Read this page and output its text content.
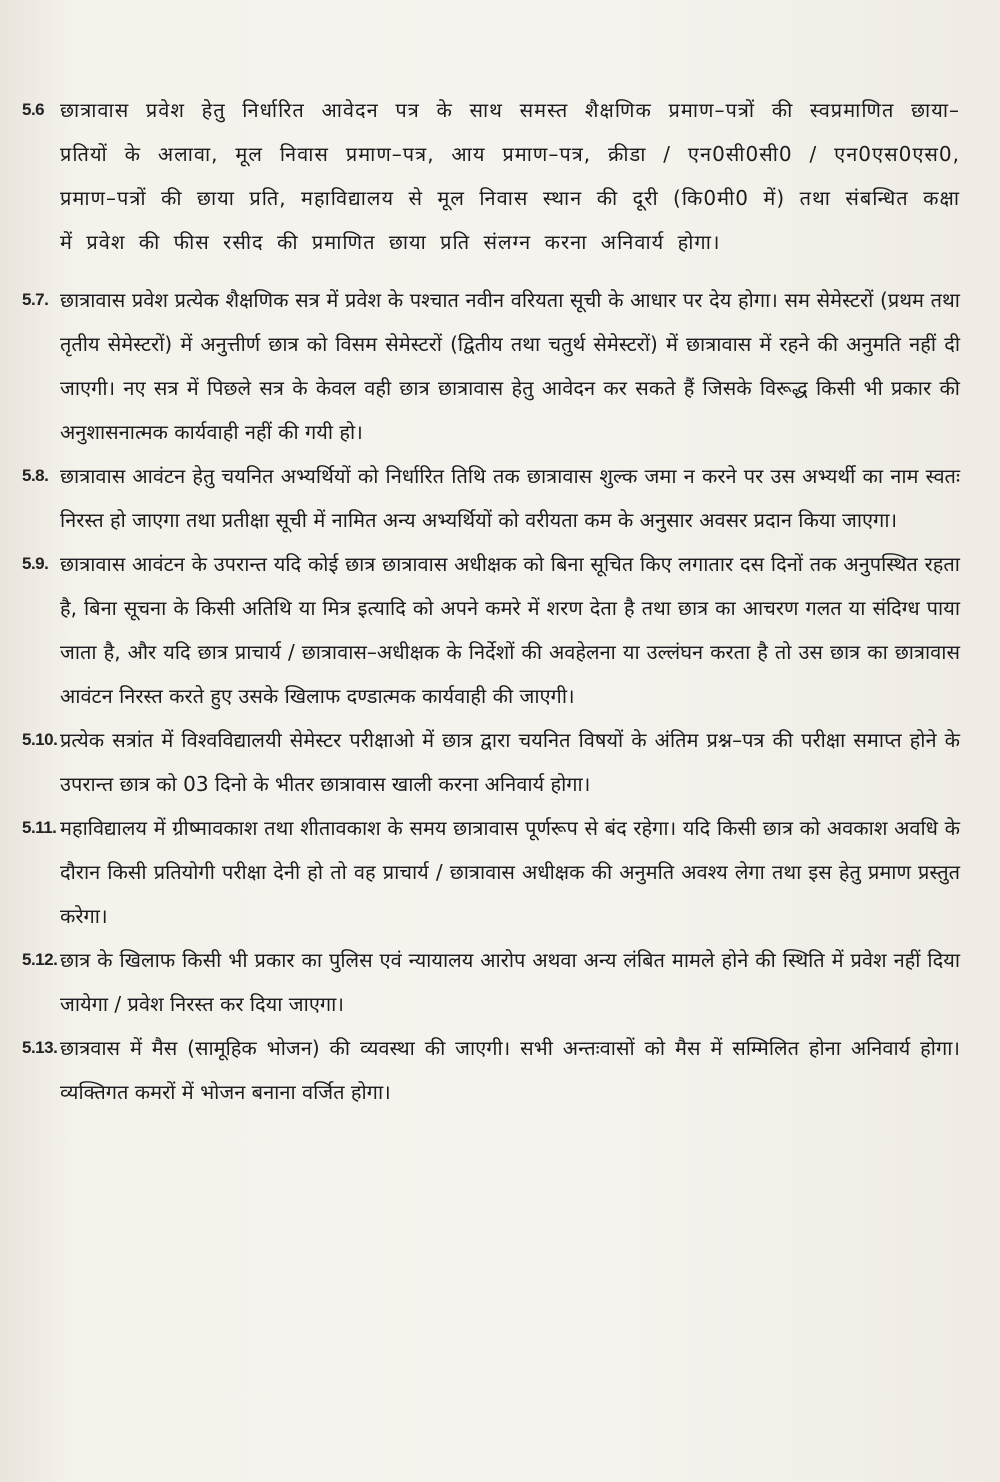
5.6 छात्रावास प्रवेश हेतु निर्धारित आवेदन पत्र के साथ समस्त शैक्षणिक प्रमाण–पत्रों की स्वप्रमाणित छाया–प्रतियों के अलावा, मूल निवास प्रमाण–पत्र, आय प्रमाण–पत्र, क्रीडा / एन0सी0सी0 / एन0एस0एस0, प्रमाण–पत्रों की छाया प्रति, महाविद्यालय से मूल निवास स्थान की दूरी (कि0मी0 में) तथा संबन्धित कक्षा में प्रवेश की फीस रसीद की प्रमाणित छाया प्रति संलग्न करना अनिवार्य होगा।
5.7. छात्रावास प्रवेश प्रत्येक शैक्षणिक सत्र में प्रवेश के पश्चात नवीन वरियता सूची के आधार पर देय होगा। सम सेमेस्टरों (प्रथम तथा तृतीय सेमेस्टरों) में अनुत्तीर्ण छात्र को विसम सेमेस्टरों (द्वितीय तथा चतुर्थ सेमेस्टरों) में छात्रावास में रहने की अनुमति नहीं दी जाएगी। नए सत्र में पिछले सत्र के केवल वही छात्र छात्रावास हेतु आवेदन कर सकते हैं जिसके विरूद्ध किसी भी प्रकार की अनुशासनात्मक कार्यवाही नहीं की गयी हो।
5.8. छात्रावास आवंटन हेतु चयनित अभ्यर्थियों को निर्धारित तिथि तक छात्रावास शुल्क जमा न करने पर उस अभ्यर्थी का नाम स्वतः निरस्त हो जाएगा तथा प्रतीक्षा सूची में नामित अन्य अभ्यर्थियों को वरीयता कम के अनुसार अवसर प्रदान किया जाएगा।
5.9. छात्रावास आवंटन के उपरान्त यदि कोई छात्र छात्रावास अधीक्षक को बिना सूचित किए लगातार दस दिनों तक अनुपस्थित रहता है, बिना सूचना के किसी अतिथि या मित्र इत्यादि को अपने कमरे में शरण देता है तथा छात्र का आचरण गलत या संदिग्ध पाया जाता है, और यदि छात्र प्राचार्य / छात्रावास–अधीक्षक के निर्देशों की अवहेलना या उल्लंघन करता है तो उस छात्र का छात्रावास आवंटन निरस्त करते हुए उसके खिलाफ दण्डात्मक कार्यवाही की जाएगी।
5.10. प्रत्येक सत्रांत में विश्वविद्यालयी सेमेस्टर परीक्षाओ में छात्र द्वारा चयनित विषयों के अंतिम प्रश्न–पत्र की परीक्षा समाप्त होने के उपरान्त छात्र को 03 दिनो के भीतर छात्रावास खाली करना अनिवार्य होगा।
5.11. महाविद्यालय में ग्रीष्मावकाश तथा शीतावकाश के समय छात्रावास पूर्णरूप से बंद रहेगा। यदि किसी छात्र को अवकाश अवधि के दौरान किसी प्रतियोगी परीक्षा देनी हो तो वह प्राचार्य / छात्रावास अधीक्षक की अनुमति अवश्य लेगा तथा इस हेतु प्रमाण प्रस्तुत करेगा।
5.12. छात्र के खिलाफ किसी भी प्रकार का पुलिस एवं न्यायालय आरोप अथवा अन्य लंबित मामले होने की स्थिति में प्रवेश नहीं दिया जायेगा / प्रवेश निरस्त कर दिया जाएगा।
5.13. छात्रवास में मैस (सामूहिक भोजन) की व्यवस्था की जाएगी। सभी अन्तःवासों को मैस में सम्मिलित होना अनिवार्य होगा। व्यक्तिगत कमरों में भोजन बनाना वर्जित होगा।
